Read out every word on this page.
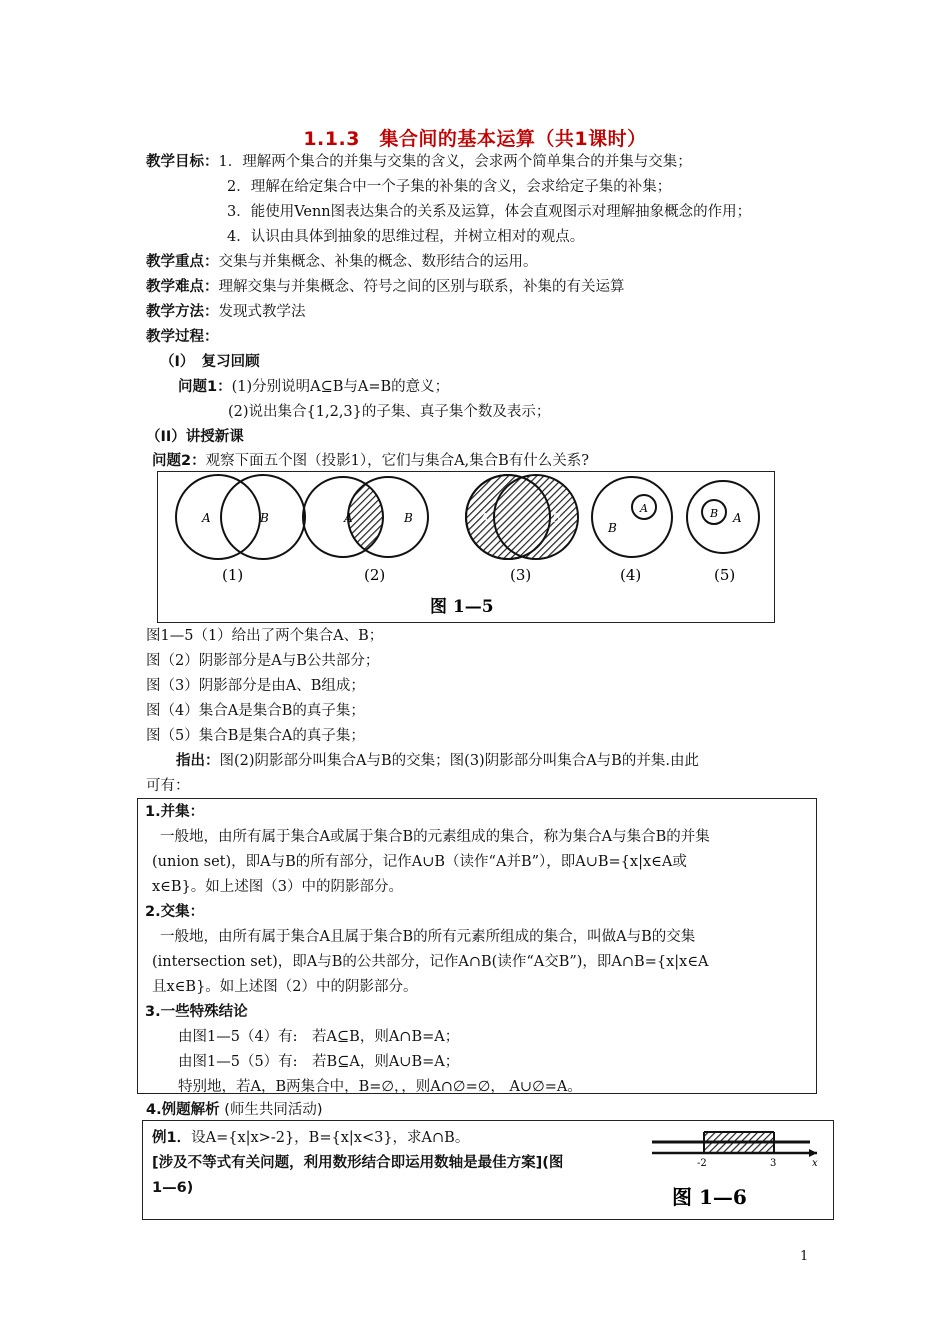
1.1.3　集合间的基本运算（共1课时）
教学目标：1．理解两个集合的并集与交集的含义，会求两个简单集合的并集与交集；
2．理解在给定集合中一个子集的补集的含义，会求给定子集的补集；
3．能使用Venn图表达集合的关系及运算，体会直观图示对理解抽象概念的作用；
4．认识由具体到抽象的思维过程，并树立相对的观点。
教学重点：交集与并集概念、补集的概念、数形结合的运用。
教学难点：理解交集与并集概念、符号之间的区别与联系，补集的有关运算
教学方法：发现式教学法
教学过程：
（I）　复习回顾
问题1：(1)分别说明A⊆B与A=B的意义；
(2)说出集合{1,2,3}的子集、真子集个数及表示；
（II）讲授新课
问题2：观察下面五个图（投影1），它们与集合A,集合B有什么关系?
A	B	A	B	A	B
A
B
B A
(1)	(2)	(3)	(4)	(5)
图 1—5
图1—5（1）给出了两个集合A、B；
图（2）阴影部分是A与B公共部分；
图（3）阴影部分是由A、B组成；
图（4）集合A是集合B的真子集；
图（5）集合B是集合A的真子集；
指出：图(2)阴影部分叫集合A与B的交集；图(3)阴影部分叫集合A与B的并集.由此
可有：
1.并集：
一般地，由所有属于集合A或属于集合B的元素组成的集合，称为集合A与集合B的并集
(union set)，即A与B的所有部分，记作A∪B（读作“A并B”），即A∪B={x|x∈A或
x∈B}。如上述图（3）中的阴影部分。
2.交集：
一般地，由所有属于集合A且属于集合B的所有元素所组成的集合，叫做A与B的交集
(intersection set)，即A与B的公共部分，记作A∩B(读作“A交B”)，即A∩B={x|x∈A
且x∈B}。如上述图（2）中的阴影部分。
3.一些特殊结论
由图1—5（4）有:　若A⊆B，则A∩B=A；
由图1—5（5）有:　若B⊆A，则A∪B=A；
特别地，若A，B两集合中，B=∅，，则A∩∅=∅， A∪∅=A。
4.例题解析 (师生共同活动)
例1．设A={x|x>-2}，B={x|x<3}，求A∩B。
[涉及不等式有关问题，利用数形结合即运用数轴是最佳方案](图
1—6)
-2	3	x
图 1—6
1
